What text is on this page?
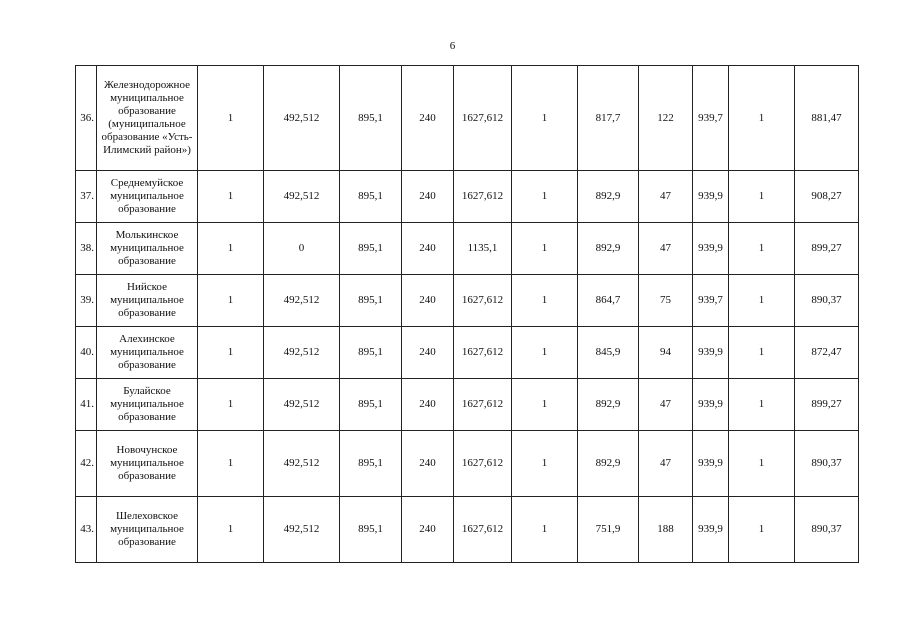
6
36.	Железнодорожное муниципальное образование (муниципальное образование «Усть-Илимский район»)	1	492,512	895,1	240	1627,612	1	817,7	122	939,7	1	881,47
37.	Среднемуйское муниципальное образование	1	492,512	895,1	240	1627,612	1	892,9	47	939,9	1	908,27
38.	Молькинское муниципальное образование	1	0	895,1	240	1135,1	1	892,9	47	939,9	1	899,27
39.	Нийское муниципальное образование	1	492,512	895,1	240	1627,612	1	864,7	75	939,7	1	890,37
40.	Алехинское муниципальное образование	1	492,512	895,1	240	1627,612	1	845,9	94	939,9	1	872,47
41.	Булайское муниципальное образование	1	492,512	895,1	240	1627,612	1	892,9	47	939,9	1	899,27
42.	Новочунское муниципальное образование	1	492,512	895,1	240	1627,612	1	892,9	47	939,9	1	890,37
43.	Шелеховское муниципальное образование	1	492,512	895,1	240	1627,612	1	751,9	188	939,9	1	890,37
